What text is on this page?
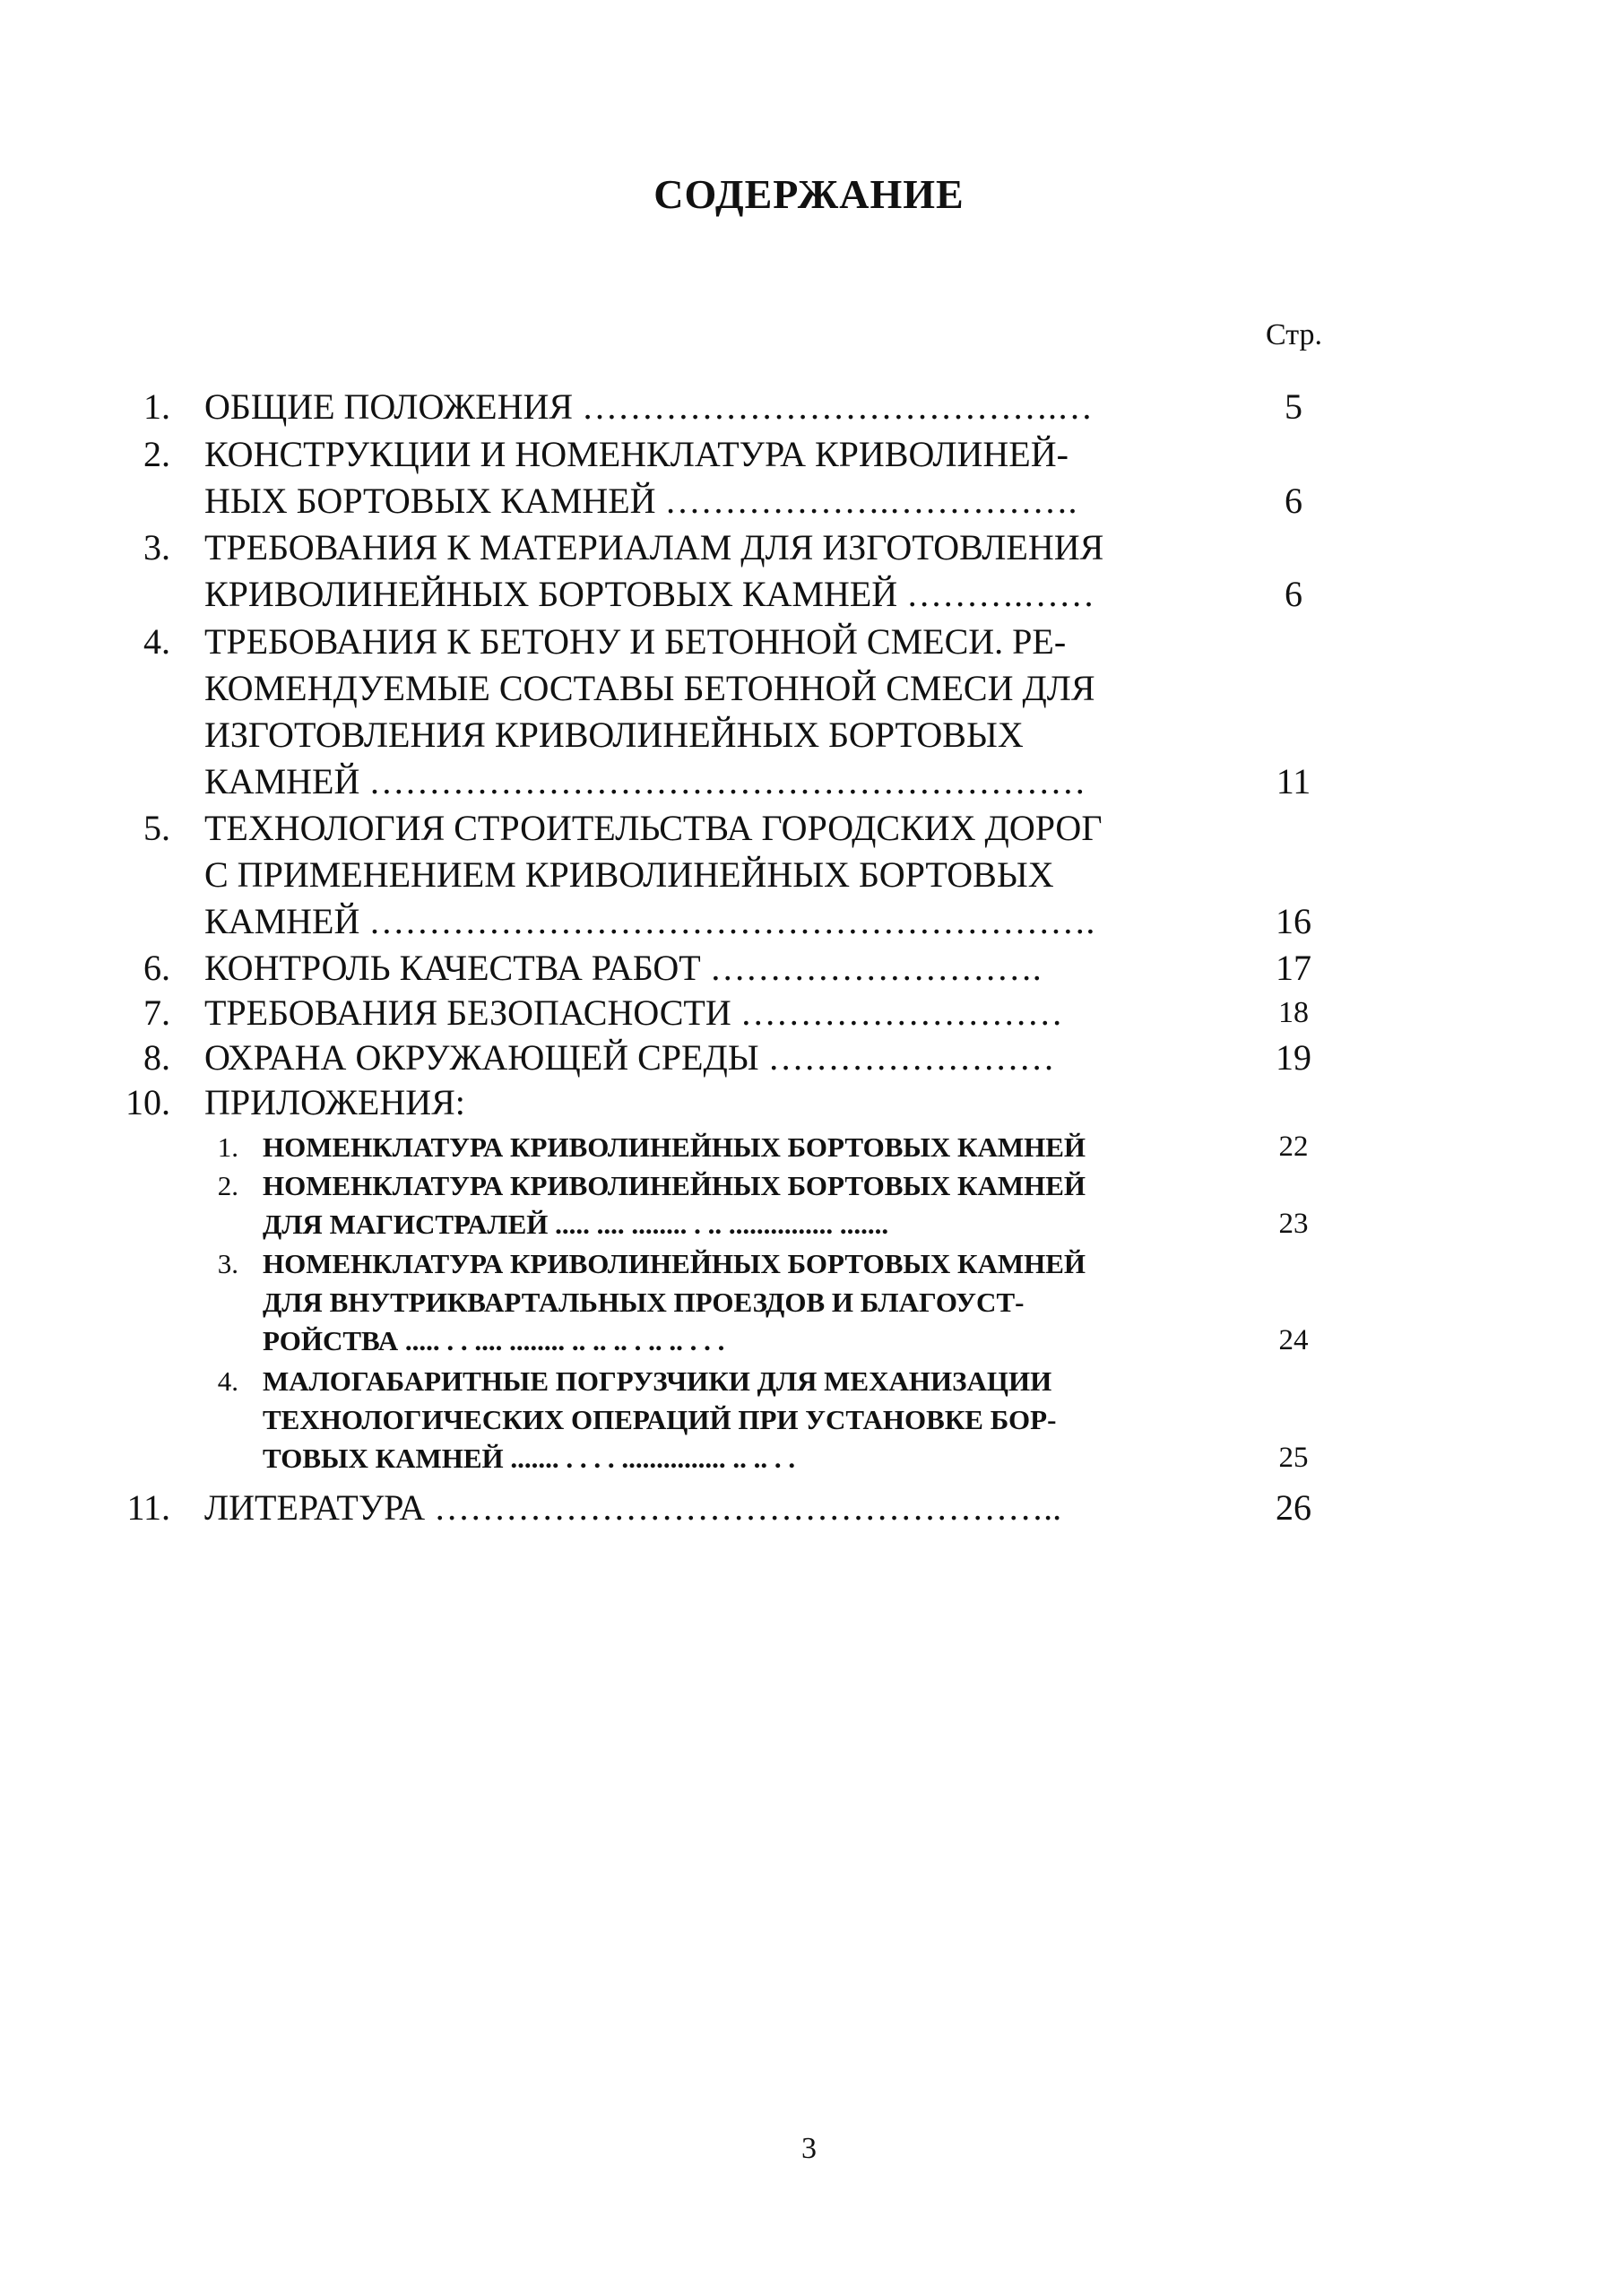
СОДЕРЖАНИЕ
Стр.
1. ОБЩИЕ ПОЛОЖЕНИЯ ………………………………….…	5
2. КОНСТРУКЦИИ И НОМЕНКЛАТУРА КРИВОЛИНЕЙ-
НЫХ БОРТОВЫХ КАМНЕЙ ……………….…………….	6
3. ТРЕБОВАНИЯ К МАТЕРИАЛАМ ДЛЯ ИЗГОТОВЛЕНИЯ
КРИВОЛИНЕЙНЫХ БОРТОВЫХ КАМНЕЙ ……….……	6
4. ТРЕБОВАНИЯ К БЕТОНУ И БЕТОННОЙ СМЕСИ. РЕ-
КОМЕНДУЕМЫЕ СОСТАВЫ БЕТОННОЙ СМЕСИ ДЛЯ
ИЗГОТОВЛЕНИЯ КРИВОЛИНЕЙНЫХ БОРТОВЫХ
КАМНЕЙ ……………………………………………………	11
5. ТЕХНОЛОГИЯ СТРОИТЕЛЬСТВА ГОРОДСКИХ ДОРОГ
С ПРИМЕНЕНИЕМ КРИВОЛИНЕЙНЫХ БОРТОВЫХ
КАМНЕЙ …………………………………………………….	16
6. КОНТРОЛЬ КАЧЕСТВА РАБОТ ……………………….	17
7. ТРЕБОВАНИЯ БЕЗОПАСНОСТИ ………………………	18
8. ОХРАНА ОКРУЖАЮЩЕЙ СРЕДЫ ……………………	19
10. ПРИЛОЖЕНИЯ:
1. НОМЕНКЛАТУРА КРИВОЛИНЕЙНЫХ БОРТОВЫХ КАМНЕЙ	22
2. НОМЕНКЛАТУРА КРИВОЛИНЕЙНЫХ БОРТОВЫХ КАМНЕЙ
ДЛЯ МАГИСТРАЛЕЙ ..... .... ........ . .. ............... .......	23
3. НОМЕНКЛАТУРА КРИВОЛИНЕЙНЫХ БОРТОВЫХ КАМНЕЙ
ДЛЯ ВНУТРИКВАРТАЛЬНЫХ ПРОЕЗДОВ И БЛАГОУСТ-
РОЙСТВА ..... . . .... ........ .. .. .. . .. .. . . .	24
4. МАЛОГАБАРИТНЫЕ ПОГРУЗЧИКИ ДЛЯ МЕХАНИЗАЦИИ
ТЕХНОЛОГИЧЕСКИХ ОПЕРАЦИЙ ПРИ УСТАНОВКЕ БОР-
ТОВЫХ КАМНЕЙ ....... . . . . ............... .. .. . .	25
11. ЛИТЕРАТУРА ……………………………………………..	26
3
